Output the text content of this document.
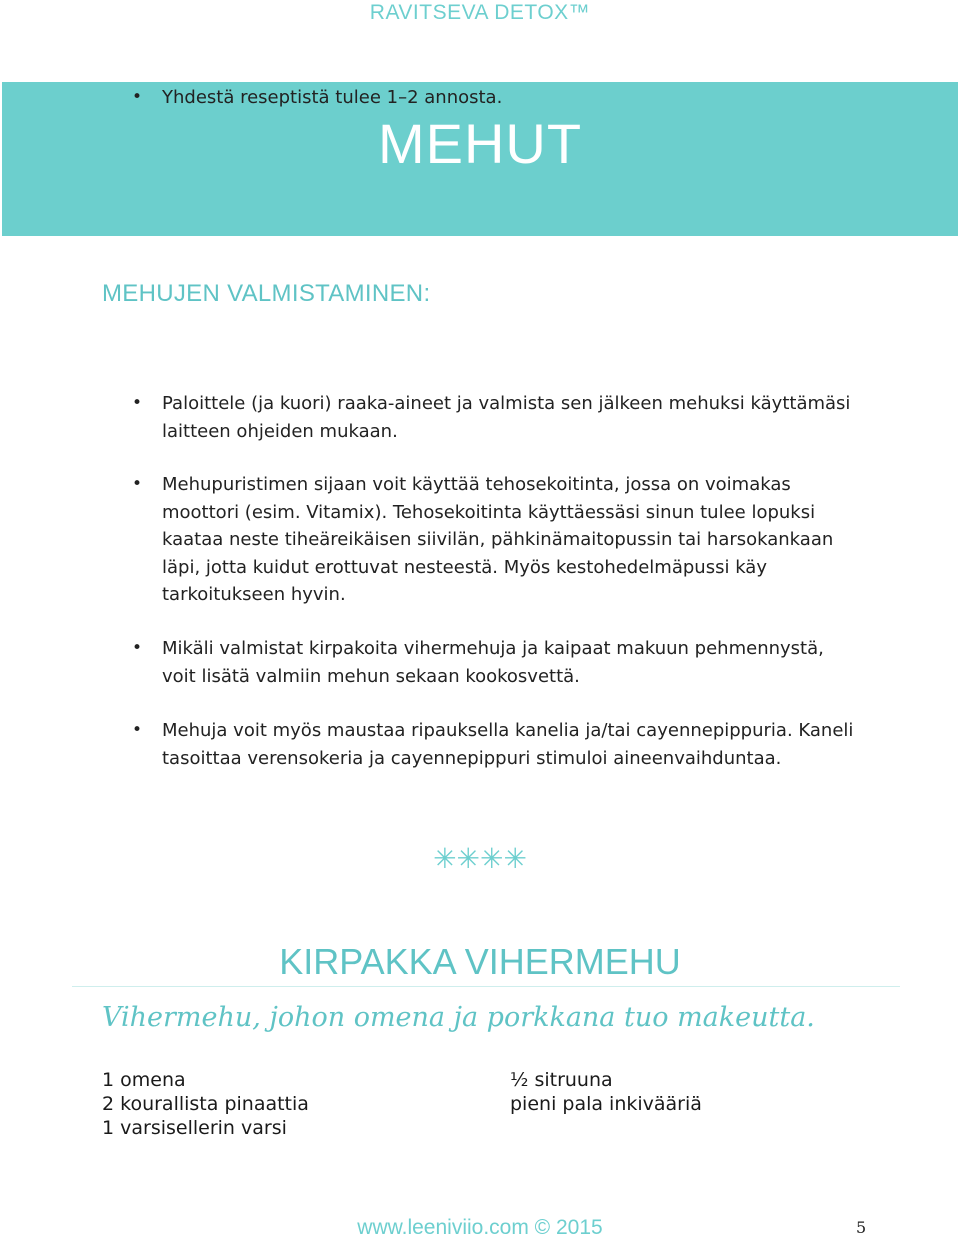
RAVITSEVA DETOX™
MEHUT
MEHUJEN VALMISTAMINEN:
• Yhdestä reseptistä tulee 1–2 annosta.
• Paloittele (ja kuori) raaka-aineet ja valmista sen jälkeen mehuksi käyttämäsi laitteen ohjeiden mukaan.
• Mehupuristimen sijaan voit käyttää tehosekoitinta, jossa on voimakas moottori (esim. Vitamix). Tehosekoitinta käyttäessäsi sinun tulee lopuksi kaataa neste tiheäreikäisen siivilän, pähkinämaitopussin tai harsokankaan läpi, jotta kuidut erottuvat nesteestä. Myös kestohedelmäpussi käy tarkoitukseen hyvin.
• Mikäli valmistat kirpakoita vihermehuja ja kaipaat makuun pehmennystä, voit lisätä valmiin mehun sekaan kookosvettä.
• Mehuja voit myös maustaa ripauksella kanelia ja/tai cayennepippuria. Kaneli tasoittaa verensokeria ja cayennepippuri stimuloi aineenvaihduntaa.
✳✳✳✳
KIRPAKKA VIHERMEHU
Vihermehu, johon omena ja porkkana tuo makeutta.
1 omena
2 kourallista pinaattia
1 varsisellerin varsi
½ sitruuna
pieni pala inkivääriä
www.leeniviio.com © 2015	5
